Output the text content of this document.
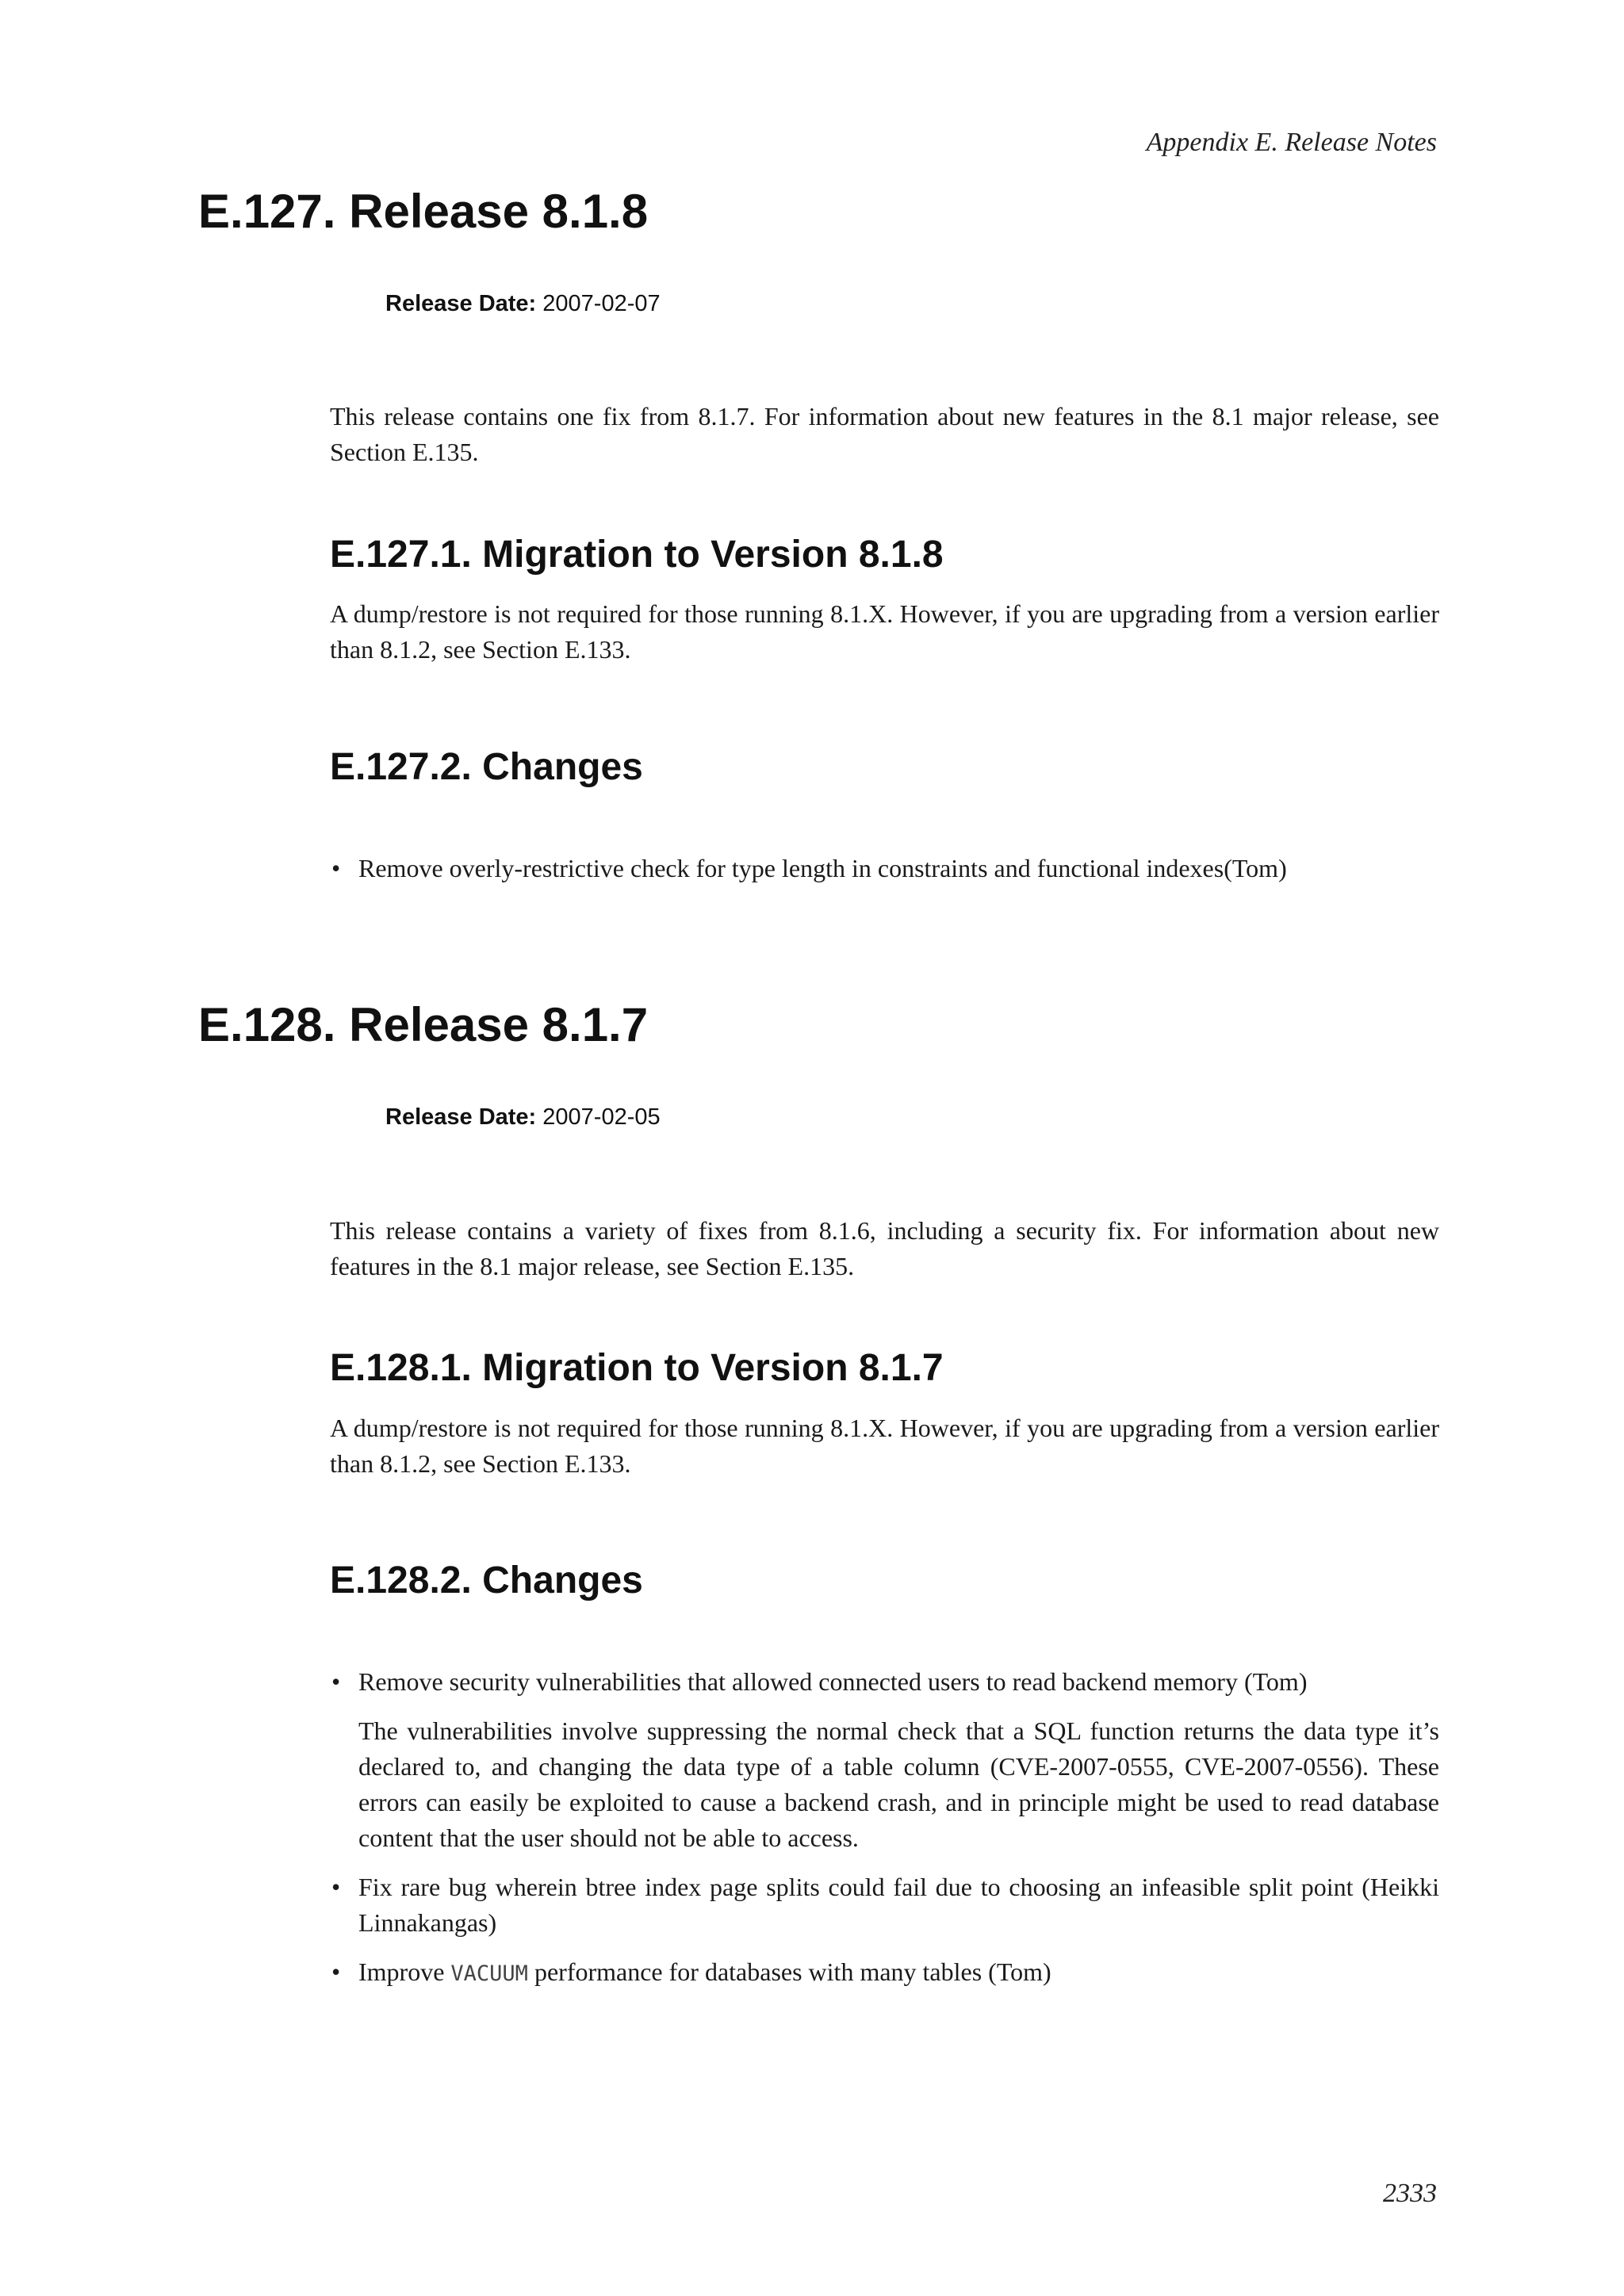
Appendix E. Release Notes
E.127. Release 8.1.8
Release Date: 2007-02-07

This release contains one fix from 8.1.7. For information about new features in the 8.1 major release, see Section E.135.

E.127.1. Migration to Version 8.1.8

A dump/restore is not required for those running 8.1.X. However, if you are upgrading from a version earlier than 8.1.2, see Section E.133.

E.127.2. Changes
• Remove overly-restrictive check for type length in constraints and functional indexes(Tom)
E.128. Release 8.1.7
Release Date: 2007-02-05

This release contains a variety of fixes from 8.1.6, including a security fix. For information about new features in the 8.1 major release, see Section E.135.

E.128.1. Migration to Version 8.1.7

A dump/restore is not required for those running 8.1.X. However, if you are upgrading from a version earlier than 8.1.2, see Section E.133.

E.128.2. Changes
• Remove security vulnerabilities that allowed connected users to read backend memory (Tom)
The vulnerabilities involve suppressing the normal check that a SQL function returns the data type it’s declared to, and changing the data type of a table column (CVE-2007-0555, CVE-2007-0556). These errors can easily be exploited to cause a backend crash, and in principle might be used to read database content that the user should not be able to access.
• Fix rare bug wherein btree index page splits could fail due to choosing an infeasible split point (Heikki Linnakangas)
• Improve VACUUM performance for databases with many tables (Tom)
2333
